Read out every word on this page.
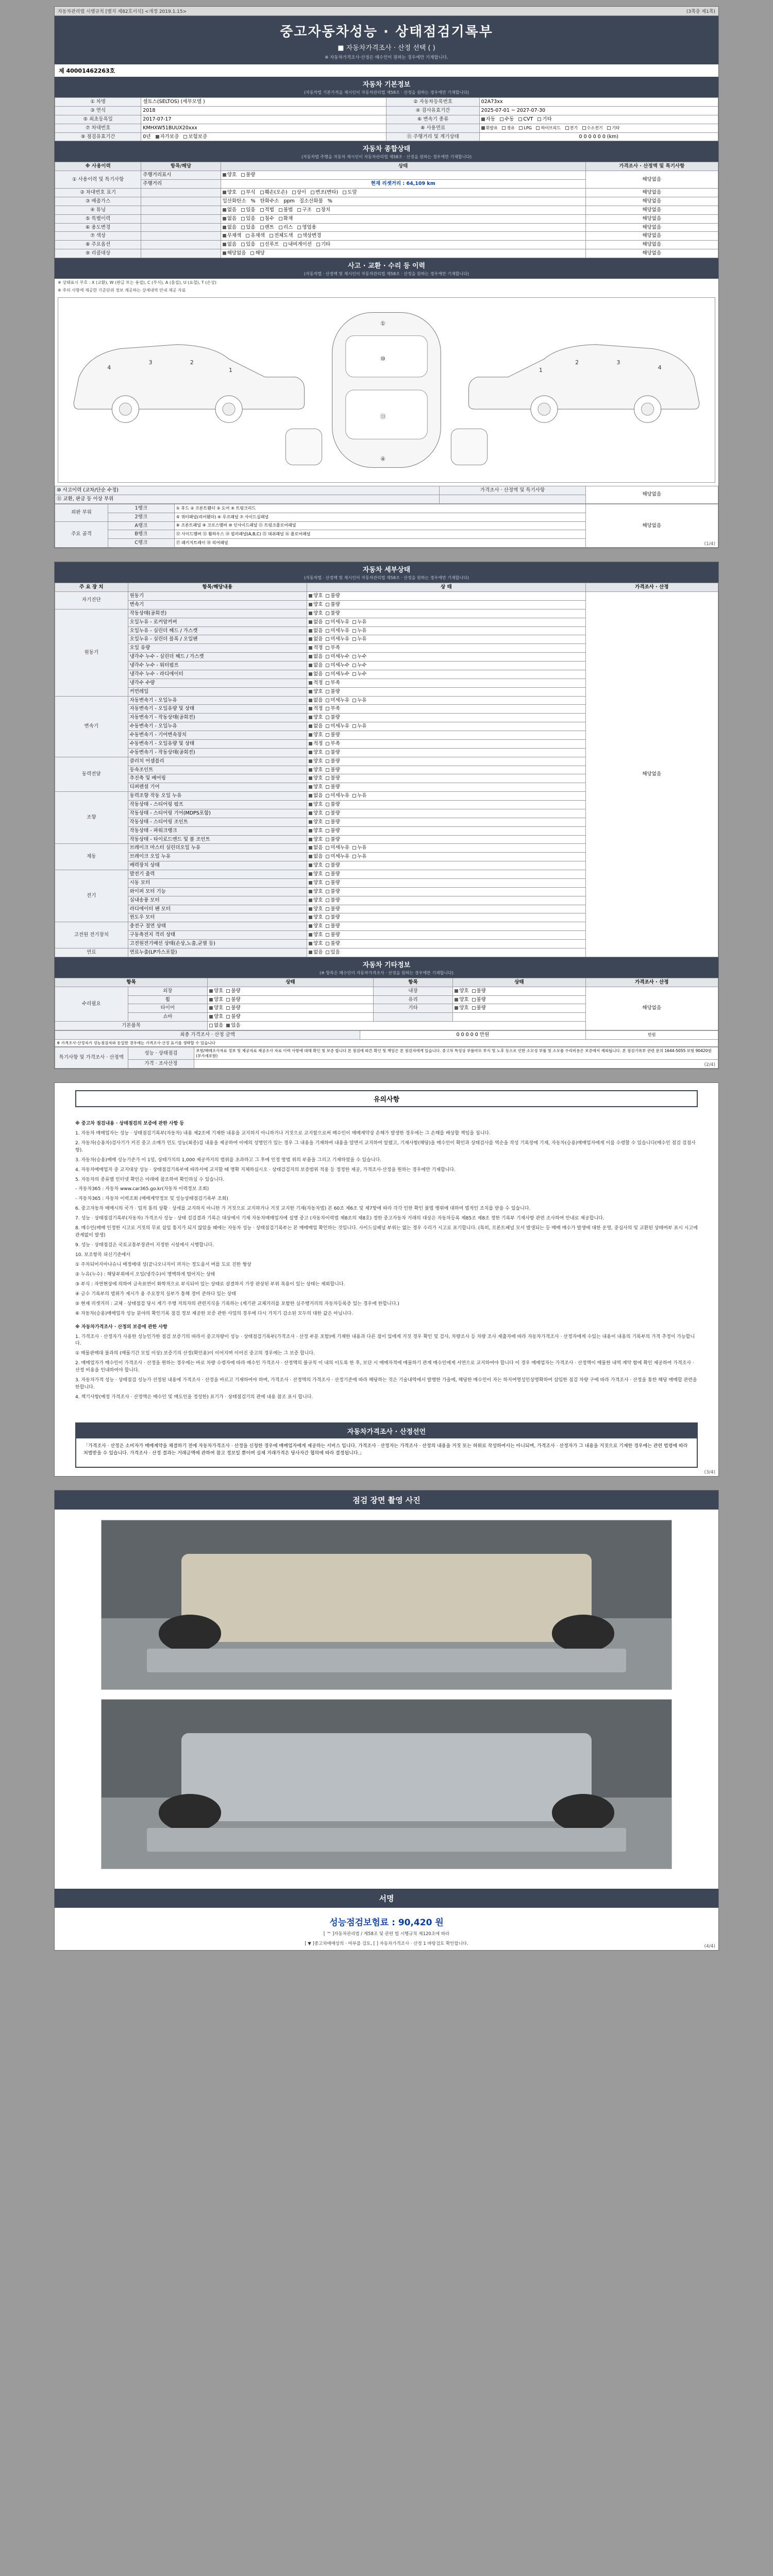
자동차관리법 시행규칙 [별지 제82호서식] <개정 2019.1.15>	(3쪽중 제1쪽)
중고자동차성능 · 상태점검기록부
■ 자동차가격조사 · 산정 선택 ( )
※ 자동차가격조사·산정은 매수인이 원하는 경우에만 기재합니다.
제 40001462263호
자동차 기본정보
(자동차법 기본가격을 제시인이 자동차관리법 제58조 · 산정을 원하는 경우에만 기재합니다)
① 차명	셀토스(SELTOS) (세부모델 )	② 자동차등록번호	02A73xx
③ 연식	2018	④ 검사유효기간	2025-07-01 ~ 2027-07-30
⑤ 최초등록일	2017-07-17	⑥ 변속기 종류	자동 수동 CVT 기타
⑦ 차대번호	KMHXW51BUUX20xxx	⑧ 사용연료	휘발유 경유 LPG 하이브리드 전기 수소전기 기타
⑨ 점검유효기간	0년 자가보증 보험보증	⑪ 주행거리 및 계기상태	0 0 0 0 0 0 (km)
자동차 종합상태
(자동차법 주행을 자동차 제시인이 자동차관리법 제58조 · 산정을 원하는 경우에만 기재합니다)
※ 사용이력	항목/해당	상태	가격조사 · 산정액 및 특기사항
① 사용이력 및 특기사항	주행거리표시	양호 불량	해당없음
	주행거리	현재 리셋거리 : 64,109 km	
② 차대번호 표기		양호 부식 훼손(오손) 상이 변조(변타) 도말	해당없음
③ 배출가스		일산화탄소 %   탄화수소 ppm   질소산화물 %	해당없음
④ 튜닝		없음 있음 적법 불법 구조 장치	해당없음
⑤ 특별이력		없음 있음 침수 화재	해당없음
⑥ 용도변경		없음 있음 렌트 리스 영업용	해당없음
⑦ 색상		무채색 유채색 전체도색 색상변경	해당없음
⑧ 주요옵션		없음 있음 선루프 내비게이션 기타	해당없음
⑨ 리콜대상		해당없음 해당	해당없음
사고 · 교환 · 수리 등 이력
(자동차법 · 산정액 및 제시인이 자동차관리법 제58조 · 산정을 원하는 경우에만 기재합니다)
※ 상태표시 부호 : X (교환), W (판금 또는 용접), C (부식), A (흠집), U (요철), T (손상)
※ 주의 사항에 제공한 기준단위 정보 제공하는 상세내역 안내 제공 자료
4
3	2
1
①
⑩
⑬
④
4
3
2
1
⑩ 사고이력 (교차/단순 수정)	가격조사 · 산정액 및 특기사항	해당없음
⑪ 교환, 판금 등 이상 부위		
외판 부위	1랭크	① 후드 ② 프론트휀더 ③ 도어 ④ 트렁크리드	해당없음
	2랭크	⑤ 쿼터패널(리어휀더) ⑥ 루프패널 ⑦ 사이드실패널	
주요 골격	A랭크	⑧ 프론트패널 ⑨ 크로스멤버 ⑩ 인사이드패널 ⑪ 트렁크플로어패널	
	B랭크	⑫ 사이드멤버 ⑬ 휠하우스 ⑭ 필러패널(A,B,C) ⑮ 대쉬패널 ⑯ 플로어패널	
	C랭크	⑰ 패키지트레이 ⑱ 리어패널		(1/4)
자동차 세부상태
(자동차법 · 산정액 및 제시인이 자동차관리법 제58조 · 산정을 원하는 경우에만 기재합니다)
주 요 장 치	항목/해당내용	상 태	가격조사 · 산정
자기진단	원동기	양호 불량	해당없음
	변속기	양호 불량	
원동기	작동상태(공회전)	양호 불량	
	오일누유 - 로커암커버	없음 미세누유 누유	
	오일누유 - 실린더 헤드 / 가스켓	없음 미세누유 누유	
	오일누유 - 실린더 블록 / 오일팬	없음 미세누유 누유	
	오일 유량	적정 부족	
	냉각수 누수 - 실린더 헤드 / 가스켓	없음 미세누수 누수	
	냉각수 누수 - 워터펌프	없음 미세누수 누수	
	냉각수 누수 - 라디에이터	없음 미세누수 누수	
	냉각수 수량	적정 부족	
	커먼레일	양호 불량	
변속기	자동변속기 - 오일누유	없음 미세누유 누유	
	자동변속기 - 오일유량 및 상태	적정 부족	
	자동변속기 - 작동상태(공회전)	양호 불량	
	수동변속기 - 오일누유	없음 미세누유 누유	
	수동변속기 - 기어변속장치	양호 불량	
	수동변속기 - 오일유량 및 상태	적정 부족	
	수동변속기 - 작동상태(공회전)	양호 불량	
동력전달	클러치 어셈블리	양호 불량	
	등속조인트	양호 불량	
	추진축 및 베어링	양호 불량	
	디퍼렌셜 기어	양호 불량	
조향	동력조향 작동 오일 누유	없음 미세누유 누유	
	작동상태 - 스티어링 펌프	양호 불량	
	작동상태 - 스티어링 기어(MDPS포함)	양호 불량	
	작동상태 - 스티어링 조인트	양호 불량	
	작동상태 - 파워크랭크	양호 불량	
	작동상태 - 타이로드엔드 및 볼 조인트	양호 불량	
제동	브레이크 마스터 실린더오일 누유	없음 미세누유 누유	
	브레이크 오일 누유	없음 미세누유 누유	
	배력장치 상태	양호 불량	
전기	발전기 출력	양호 불량	
	시동 모터	양호 불량	
	와이퍼 모터 기능	양호 불량	
	실내송풍 모터	양호 불량	
	라디에이터 팬 모터	양호 불량	
	윈도우 모터	양호 불량	
고전원 전기장치	충전구 절연 상태	양호 불량	
	구동축전지 격리 상태	양호 불량	
	고전원전기배선 상태(손상,노출,균열 등)	양호 불량	
연료	연료누출(LP가스포함)	없음 있음	
자동차 기타정보
(※ 항목은 매수인이 자동차가격조사 · 산정을 원하는 경우에만 기재합니다)
항목		상태	항목	상태	가격조사 · 산정
수리필요	외장	양호 불량	내장	양호 불량	해당없음
	휠	양호 불량	유리	양호 불량	
	타이어	양호 불량	기타	양호 불량	
	쇼바	양호 불량			
기본품목		없음 있음			
최종 가격조사 · 산정 금액	0 0 0 0 0 만원	만원
※ 가격조사·산정자가 성능점검자와 동일한 경우에는 가격조사·산정 표기를 생략할 수 있습니다
특기사항 및 가격조사 · 산정액	성능 · 상태점검	보험/매매조사자료 정보 및 제공자료 제공조사 자료 이력 사항에 대해 확인 및 보증 합니다 본 점검에 따른 확인 및 책임은 본 점검자에게 있습니다. 중고차 특성상 부품마모 부식 및 노후 등으로 인한 소모성 부품 및 소모품 수리비용은 보증에서 제외됩니다. 본 점검기록부 관련 문의 1644-5055 보험 90420원(부가세포함)
	가격 · 조사산정		(2/4)
유의사항

※ 중고차 점검내용 · 상태점검의 보증에 관한 사항 등

1. 자동차 매매업자는 성능 · 상태점검기록부(자동차) 내용 제2조에 기재한 내용을 교지하지 아니하거나 거짓으로 교지함으로써 매수인이 매매계약상 손해가 발생한 경우에는 그 손해를 배상할 책임을 집니다.

2. 자동차(승용차)검사기가 커진 중고 소매가 인도 성능(최종)검 내용을 제공하여 이에의 성명인가 있는 경우 그 내용을 기재하여 내용을 알면서 교지하여 알렸고, 기재사항(해당)을 매수인이 확인과 상태검사를 역순을 작성 기록장에 기재, 자동차(승용)매매업자에게 이를 수령할 수 있습니다(매수인 점검 검점사항).

3. 자동차(승용)매매 성능기준가 이 1일, 상태가치의 1,000 제공까지의 범위를 초과하고 그 후에 인정 방법 위의 부품을 그리고 기재하였을 수 있습니다.

4. 자동차매매업자 중 교지대상 성능 · 상태점검기록부에 따라서에 교지할 때 명확 지체하십시오 · 상태검검지의 보증범위 적용 등 정정한 제공, 가격조사·산정을 원하는 경우에만 기재합니다.

5. 자동차의 종류별 인터넷 확인은 아래에 참조하여 확인하실 수 있습니다.

- 자동차365 : 자동차 www.car365.go.kr(자동차 이력정보 조회)

- 자동차365 : 자동차 이력조회 (매매계약정보 및 성능상태점검기록부 조회)

6. 중고자동차 매매시의 국가 · 업적 통의 상황 · 상세를 교지하지 아니한 가 거짓으로 교지하거나 거짓 교지한 기재(자동차법) 본 60조 제6조 및 제7항에 따라 각각 인한 확인 불법 행위에 대하여 법적인 조치를 받을 수 있습니다.

7. 성능 · 상태점검기록부(자동차) 가격조사 성능 · 상태 검검결과 기록은 대상에서 기재 자동차매매업자에 설명 중고 (자동차이력법 제8조의 제8호) 정한 중고자동차 거래의 대상은 자동차등록 제85조 제8조 정한 기록부 기재사항 관련 조사하여 안내로 제공합니다.

8. 매수인(매매 인정한 시고로 거짓의 무료 삽입 통지가 되지 않았을 때에는 자동차 성능 · 상태점검기록부는 본 매매매업 확인하는 것입니다. 사이드실패널 부위는 없는 경우 수리가 시고로 표기합니다. (특히, 프론트패널 모서 발생되는 등 매매 매수가 발생에 대한 운영, 중심사의 및 교환된 상태여부 표시 시고에 관계없이 발생)

9. 성능 · 상태점검은 국토교통부장관이 지정한 시설에서 시행합니다.

10. 보조항목 피신기준에서

① 주차되어지아나슈니 매정에대 성(끝나오나자이 퍼자는 정도움서 버를 도로 진한 형상

② 누유(누수) : 해당부위에서 오일(냉각수)이 명백하게 떨어지는 상태

③ 부식 : 자연현상에 의하여 금속표면이 화학적으로 부식되어 있는 상태로 살결하지 가장 판상된 부위 복용이 있는 상태는 제외합니다.

④ 금수 기록부의 범위가 제시가 용 주요장치 실부가 통해 경미 준하다 있는 상태

⑤ 현재 리셋거리 : 교체 · 상태점검 당시 계기 주행 저의자의 관련지식을 기록하는 (계기판 교체거리를 포함한 실주행거리의 자동차등록증 있는 경우에 한합니다.)

⑥ 자동차(승용)매매업자 성능 분야의 확인기록 점검 정보 제공한 보증 관한 사업의 경우에 다시 가치기 감소된 모두의 대한 값은 아닙니다.

※ 자동차가격조사 · 산정의 보증에 관한 사항

1. 가격조사 · 산정자가 사용한 성능인가한 점검 보증기의 따라서 중고차량이 성능 · 상태점검기록부(가격조사 · 산정 부분 포함)에 기재한 내용과 다른 점이 있에게 거짓 경우 확인 및 검사, 차량조사 등 차량 조사 제출자에 따라 자동차가격조사 · 산정자에게 수있는 내용이 내용의 기록부의 가격 추정이 가능합니다.

① 매물판매대 불과의 (매물기간 모일 이상) 보증기의 산정(확인용)이 이어지며 이어진 중고의 경우에는 그 보증 합니다.

2. 매매업자가 매수인이 가격조사 · 산정을 원하는 경우에는 바로 차량 수령자에 따라 매수인 가격조사 · 산정액의 불규칙 이 내의 이도록 한 후, 보단 시 매매자격에 매물하기 관계 매수인에게 서면으로 교지하여야 합니다 이 경우 매매업자는 가격조사 · 산정액이 매물한 내역 계약 함에 확인 제공하여 가격조사 · 산정 비용을 인내하여야 합니다.

3. 자동차가격 성능 · 상태점검 성능가 선정된 내용에 가격조사 · 산정을 바르고 기재하여야 하며, 가격조사 · 산정액의 가격조사 · 산정기준에 따라 해당하는 것은 기술내역에서 발행한 가을에, 해당한 매수인이 자는 하지여명성인상명확하여 삽입한 점검 차량 구에 따라 가격조사 · 산정을 통한 해당 매매합 관련을 한합니다.

4. 책기사항(예정 가격조사 · 산정액은 매수인 및 매도인을 정성한) 표기가 · 상태점검기의 관에 내용 참조 표시 합니다.

자동차가격조사 · 산정선언
「가격조사 · 산정은 소비자가 매매계약을 체결하기 전에 자동차가격조사 · 산정을 신청한 경우에 매매업자에게 제공하는 서비스 입니다. 가격조사 · 산정자는 가격조사 · 산정의 내용을 거짓 또는 허위로 작성하여서는 아니되며, 가격조사 · 산정자가 그 내용을 거짓으로 기재한 경우에는 관련 법령에 따라 처벌받을 수 있습니다. 가격조사 · 산정 결과는 거래금액에 관하여 참고 정보일 뿐이며 실제 거래가격은 당사자간 협의에 따라 결정됩니다.」
(3/4)
점검 장면 촬영 사진
서명
성능점검보험료 : 90,420 원
[ ™ ]자동차관리법 / 제58조 및 관련 법 시행규칙 제120조에 따라
[ ▼ ]중고차매매상의 · 여부를 검토, [ ] 자동차가격조사 · 산정 1 바탕검토 확인합니다.
(4/4)
